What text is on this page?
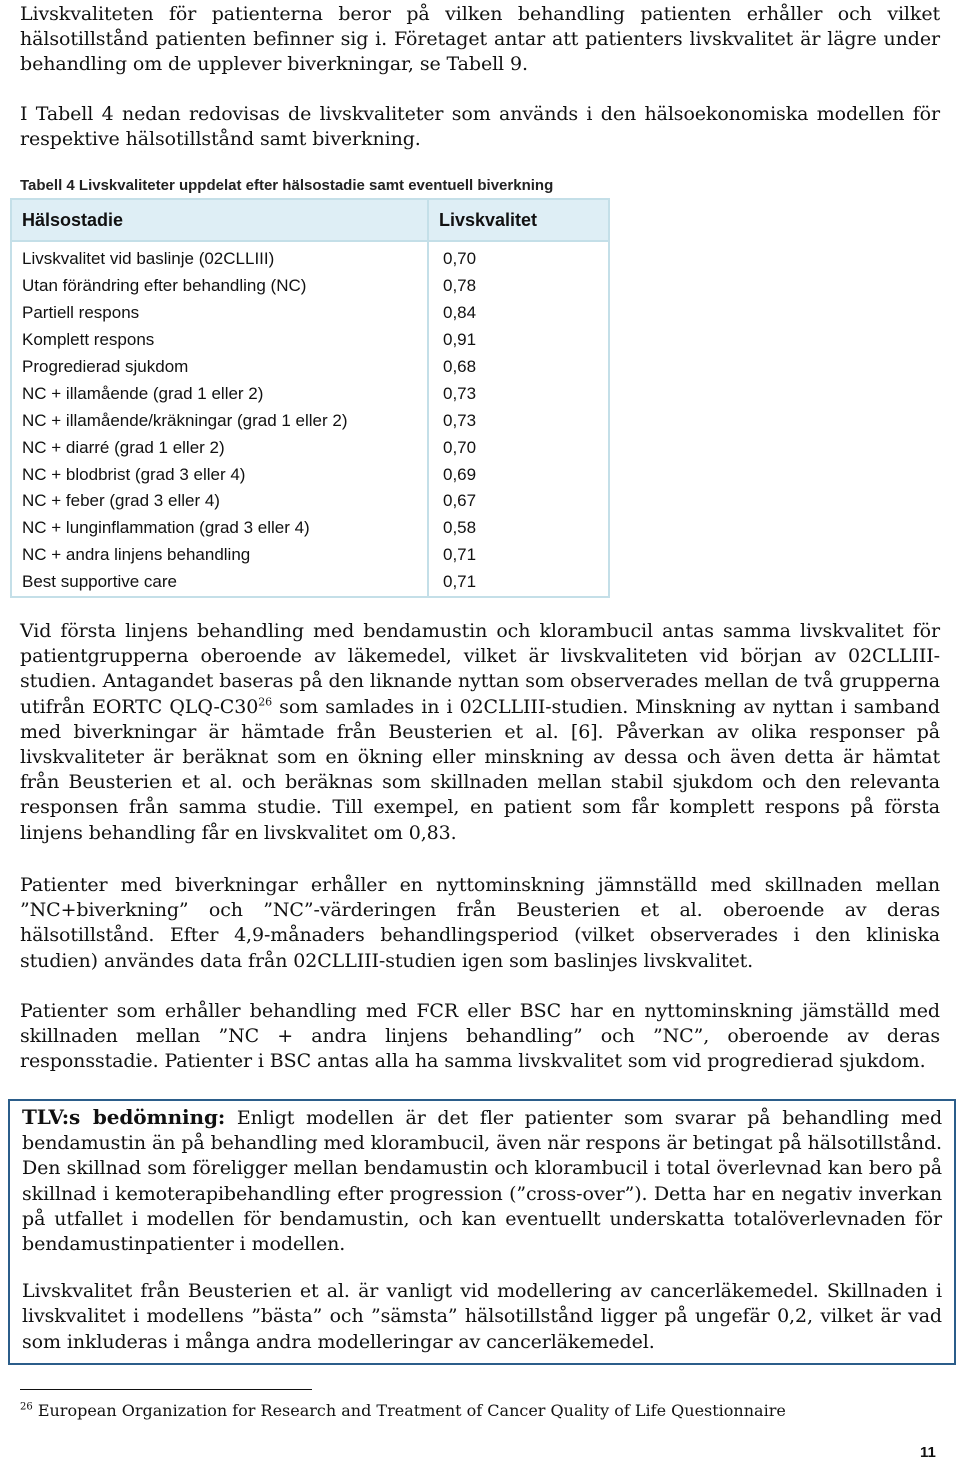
Livskvaliteten för patienterna beror på vilken behandling patienten erhåller och vilket hälsotillstånd patienten befinner sig i. Företaget antar att patienters livskvalitet är lägre under behandling om de upplever biverkningar, se Tabell 9.

I Tabell 4 nedan redovisas de livskvaliteter som används i den hälsoekonomiska modellen för respektive hälsotillstånd samt biverkning.

Tabell 4 Livskvaliteter uppdelat efter hälsostadie samt eventuell biverkning
Hälsostadie	Livskvalitet
Livskvalitet vid baslinje (02CLLIII)	0,70
Utan förändring efter behandling (NC)	0,78
Partiell respons	0,84
Komplett respons	0,91
Progredierad sjukdom	0,68
NC + illamående (grad 1 eller 2)	0,73
NC + illamående/kräkningar (grad 1 eller 2)	0,73
NC + diarré (grad 1 eller 2)	0,70
NC + blodbrist (grad 3 eller 4)	0,69
NC + feber (grad 3 eller 4)	0,67
NC + lunginflammation (grad 3 eller 4)	0,58
NC + andra linjens behandling	0,71
Best supportive care	0,71

Vid första linjens behandling med bendamustin och klorambucil antas samma livskvalitet för patientgrupperna oberoende av läkemedel, vilket är livskvaliteten vid början av 02CLLIII-studien. Antagandet baseras på den liknande nyttan som observerades mellan de två grupperna utifrån EORTC QLQ-$C30^{26}$ som samlades in i 02CLLIII-studien. Minskning av nyttan i samband med biverkningar är hämtade från Beusterien et al. [6]. Påverkan av olika responser på livskvaliteter är beräknat som en ökning eller minskning av dessa och även detta är hämtat från Beusterien et al. och beräknas som skillnaden mellan stabil sjukdom och den relevanta responsen från samma studie. Till exempel, en patient som får komplett respons på första linjens behandling får en livskvalitet om 0,83.

Patienter med biverkningar erhåller en nyttominskning jämnställd med skillnaden mellan ”NC+biverkning” och ”NC”-värderingen från Beusterien et al. oberoende av deras hälsotillstånd. Efter 4,9-månaders behandlingsperiod (vilket observerades i den kliniska studien) användes data från 02CLLIII-studien igen som baslinjes livskvalitet.

Patienter som erhåller behandling med FCR eller BSC har en nyttominskning jämställd med skillnaden mellan ”NC + andra linjens behandling” och ”NC”, oberoende av deras responsstadie. Patienter i BSC antas alla ha samma livskvalitet som vid progredierad sjukdom.

TLV:s bedömning: Enligt modellen är det fler patienter som svarar på behandling med bendamustin än på behandling med klorambucil, även när respons är betingat på hälsotillstånd. Den skillnad som föreligger mellan bendamustin och klorambucil i total överlevnad kan bero på skillnad i kemoterapibehandling efter progression (”cross-over”). Detta har en negativ inverkan på utfallet i modellen för bendamustin, och kan eventuellt underskatta totalöverlevnaden för bendamustinpatienter i modellen.

Livskvalitet från Beusterien et al. är vanligt vid modellering av cancerläkemedel. Skillnaden i livskvalitet i modellens ”bästa” och ”sämsta” hälsotillstånd ligger på ungefär 0,2, vilket är vad som inkluderas i många andra modelleringar av cancerläkemedel.

$^{26}$ European Organization for Research and Treatment of Cancer Quality of Life Questionnaire
11
